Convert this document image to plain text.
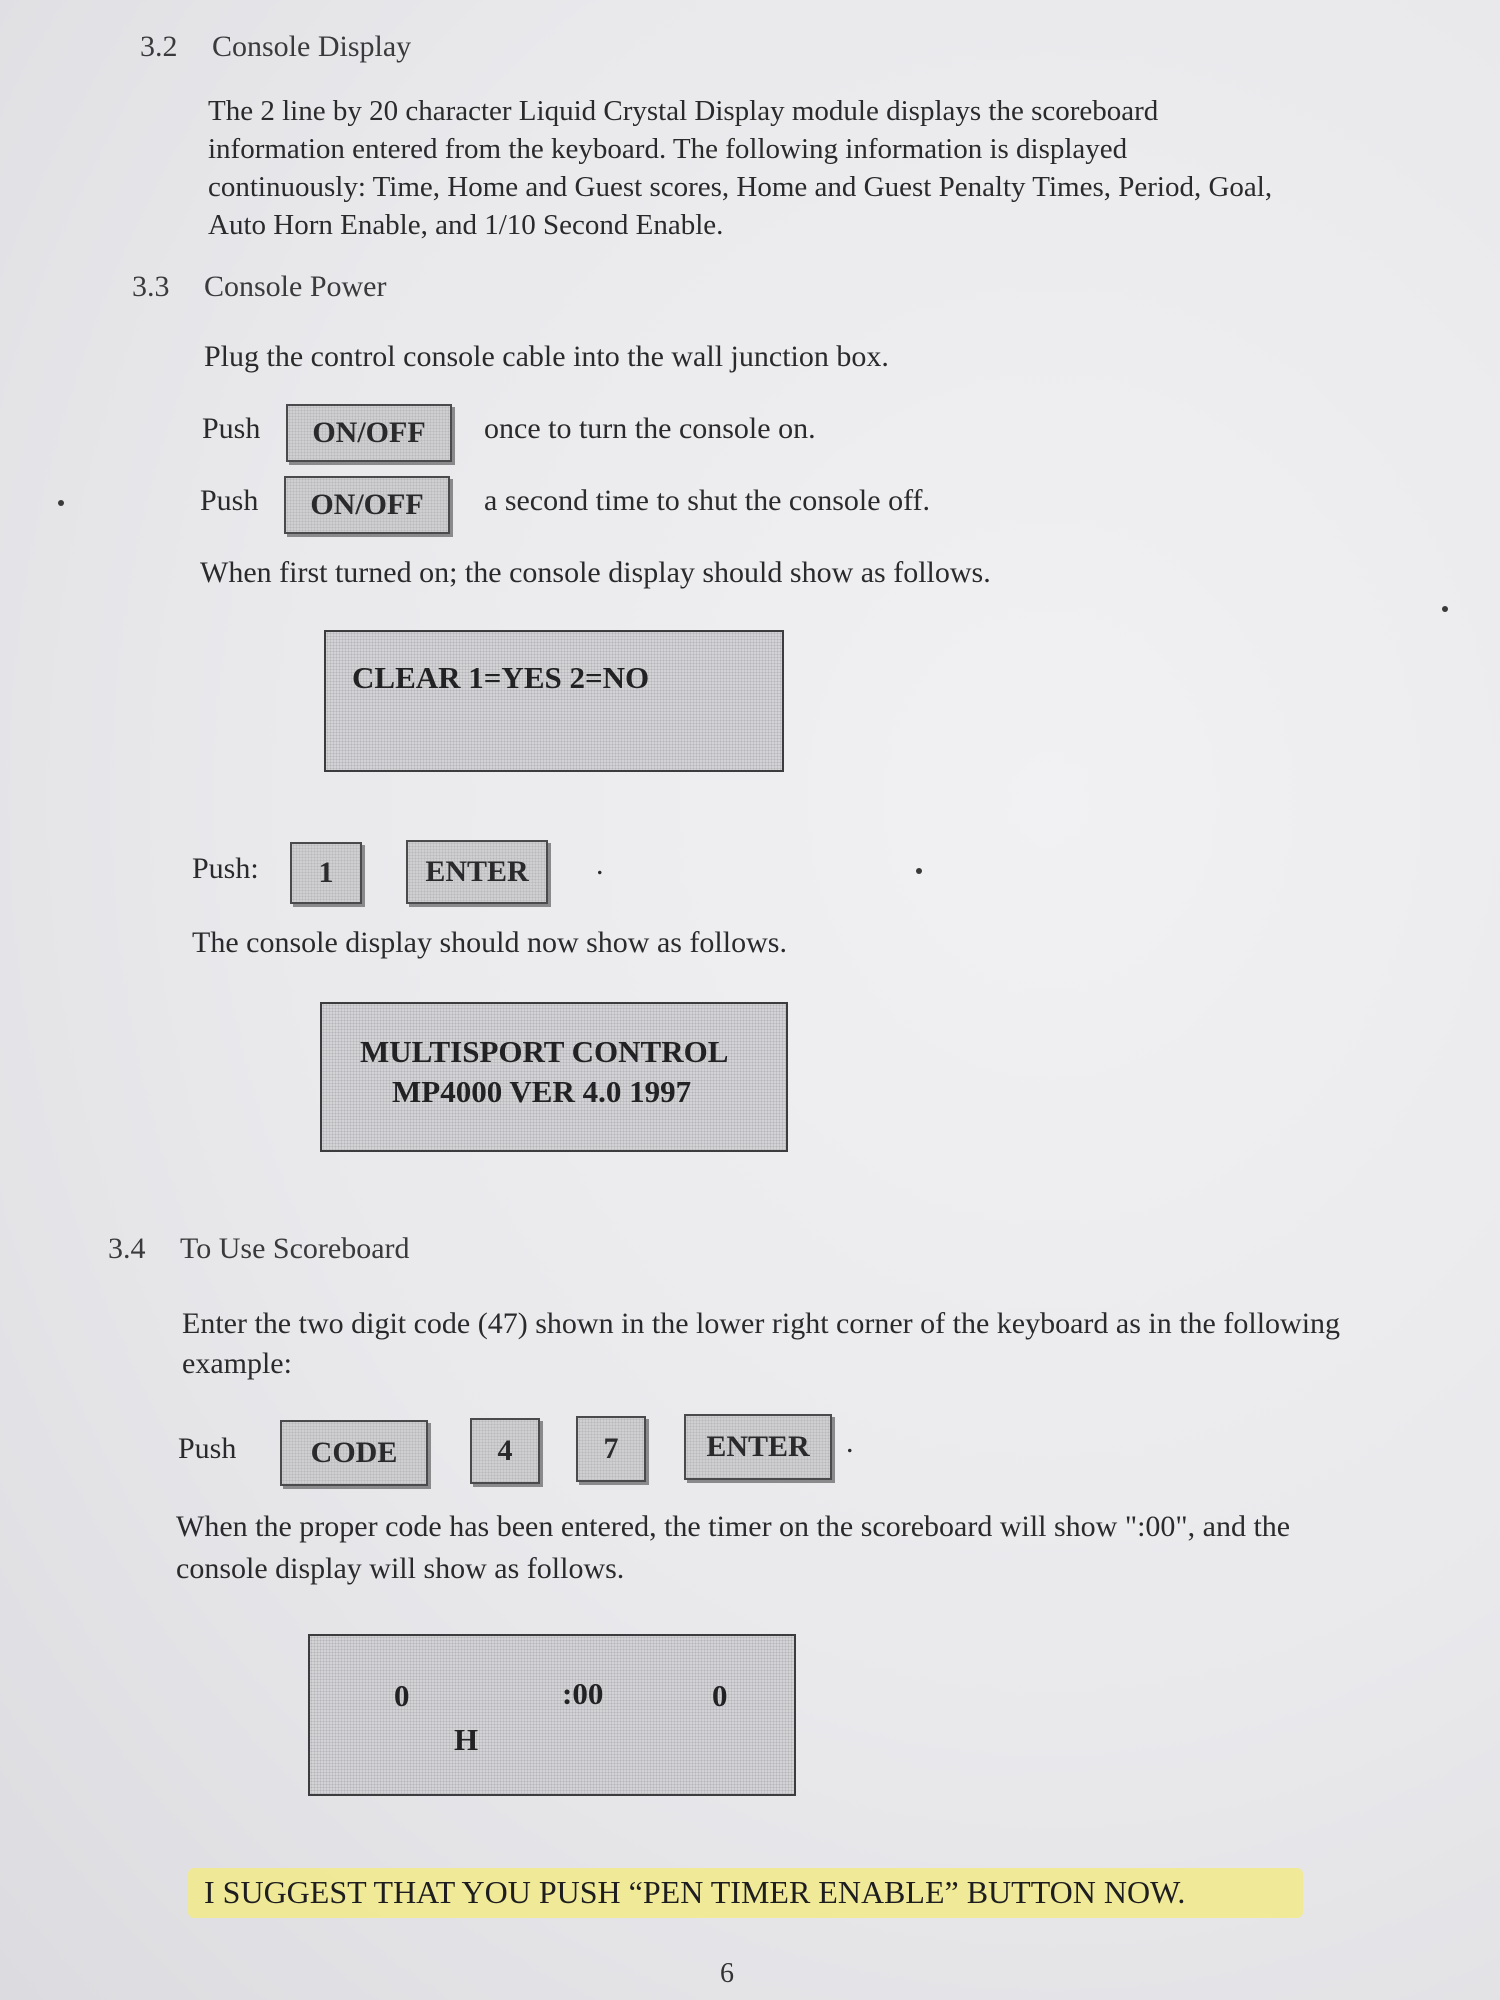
3.2 Console Display
The 2 line by 20 character Liquid Crystal Display module displays the scoreboard information entered from the keyboard. The following information is displayed continuously: Time, Home and Guest scores, Home and Guest Penalty Times, Period, Goal, Auto Horn Enable, and 1/10 Second Enable.
3.3 Console Power
Plug the control console cable into the wall junction box.
Push	ON/OFF	once to turn the console on.
Push	ON/OFF	a second time to shut the console off.
When first turned on; the console display should show as follows.
CLEAR 1=YES 2=NO
Push:	1	ENTER	.
The console display should now show as follows.
MULTISPORT CONTROL
MP4000 VER 4.0 1997
3.4 To Use Scoreboard
Enter the two digit code (47) shown in the lower right corner of the keyboard as in the following example:
Push	CODE	4	7	ENTER	.
When the proper code has been entered, the timer on the scoreboard will show ":00", and the console display will show as follows.
0	:00	0
H
I SUGGEST THAT YOU PUSH “PEN TIMER ENABLE” BUTTON NOW.
6
